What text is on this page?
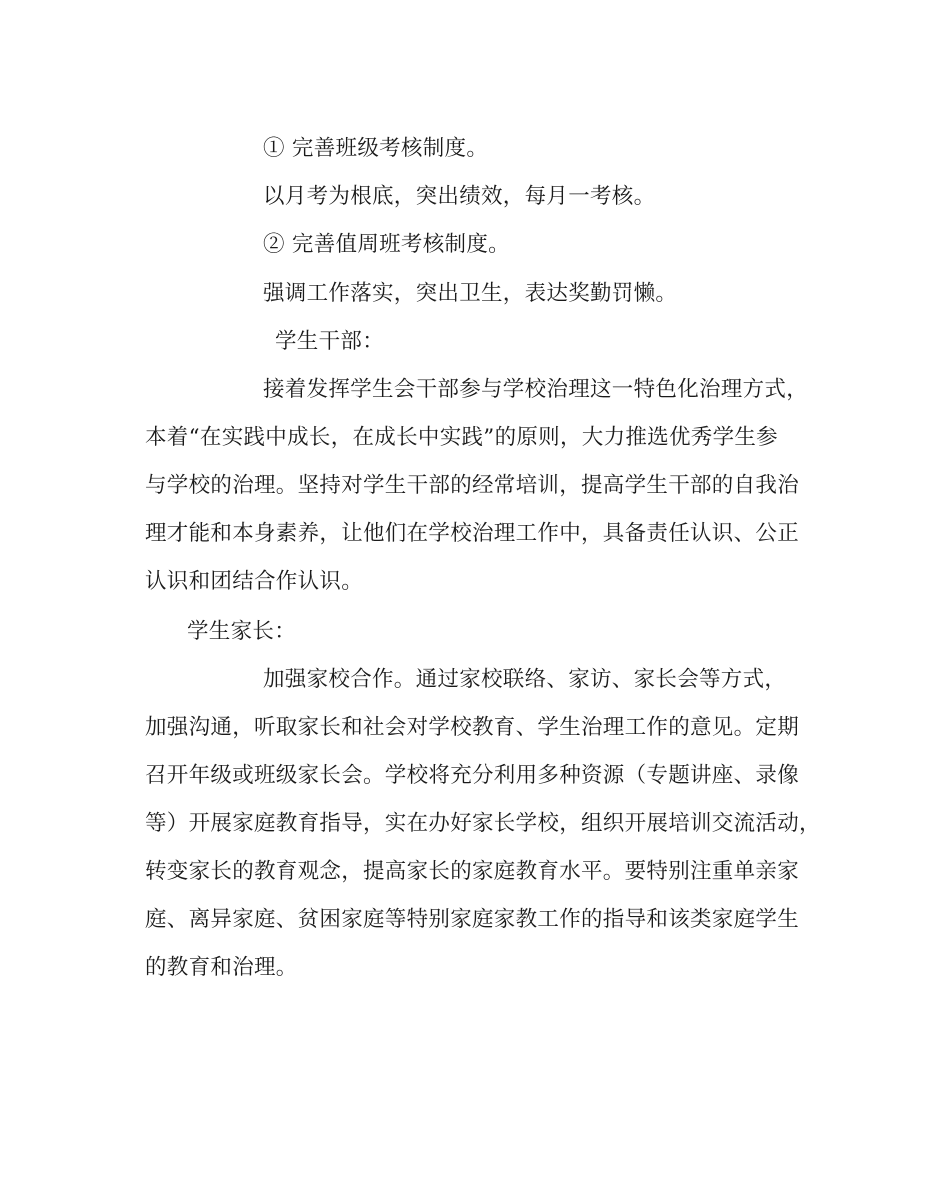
① 完善班级考核制度。
以月考为根底，突出绩效，每月一考核。
② 完善值周班考核制度。
强调工作落实，突出卫生，表达奖勤罚懒。
学生干部：
接着发挥学生会干部参与学校治理这一特色化治理方式，
本着“在实践中成长，在成长中实践”的原则，大力推选优秀学生参
与学校的治理。坚持对学生干部的经常培训，提高学生干部的自我治
理才能和本身素养，让他们在学校治理工作中，具备责任认识、公正
认识和团结合作认识。
学生家长：
加强家校合作。通过家校联络、家访、家长会等方式，
加强沟通，听取家长和社会对学校教育、学生治理工作的意见。定期
召开年级或班级家长会。学校将充分利用多种资源（专题讲座、录像
等）开展家庭教育指导，实在办好家长学校，组织开展培训交流活动，
转变家长的教育观念，提高家长的家庭教育水平。要特别注重单亲家
庭、离异家庭、贫困家庭等特别家庭家教工作的指导和该类家庭学生
的教育和治理。
